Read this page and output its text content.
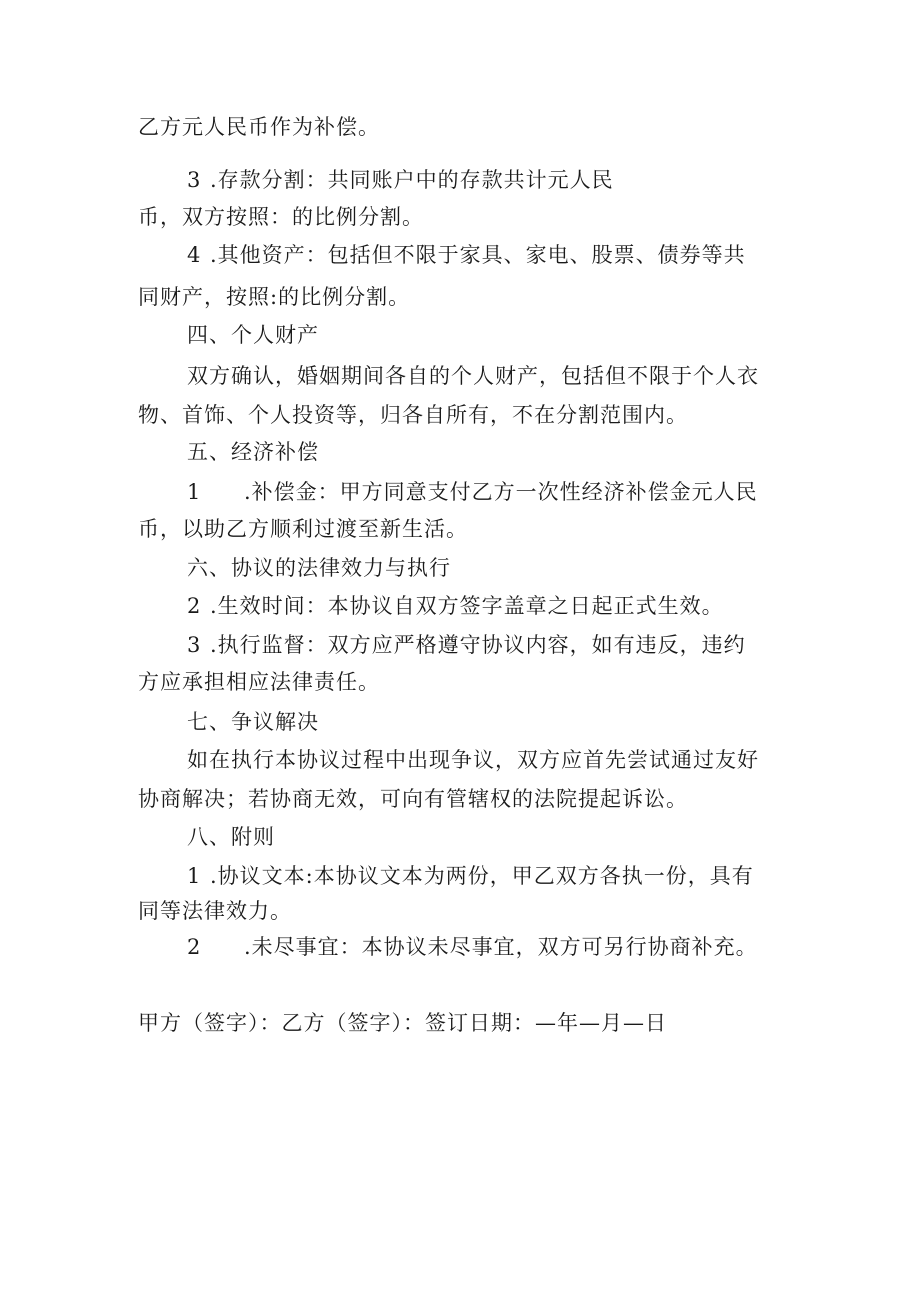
乙方元人民币作为补偿。
3 .存款分割：共同账户中的存款共计元人民
币，双方按照：的比例分割。
4 .其他资产：包括但不限于家具、家电、股票、债券等共
同财产，按照:的比例分割。
四、个人财产
双方确认，婚姻期间各自的个人财产，包括但不限于个人衣
物、首饰、个人投资等，归各自所有，不在分割范围内。
五、经济补偿
1 .补偿金：甲方同意支付乙方一次性经济补偿金元人民
币，以助乙方顺利过渡至新生活。
六、协议的法律效力与执行
2 .生效时间：本协议自双方签字盖章之日起正式生效。
3 .执行监督：双方应严格遵守协议内容，如有违反，违约
方应承担相应法律责任。
七、争议解决
如在执行本协议过程中出现争议，双方应首先尝试通过友好
协商解决；若协商无效，可向有管辖权的法院提起诉讼。
八、附则
1 .协议文本:本协议文本为两份，甲乙双方各执一份，具有
同等法律效力。
2 .未尽事宜：本协议未尽事宜，双方可另行协商补充。
甲方（签字）：乙方（签字）：签订日期：—年—月—日
